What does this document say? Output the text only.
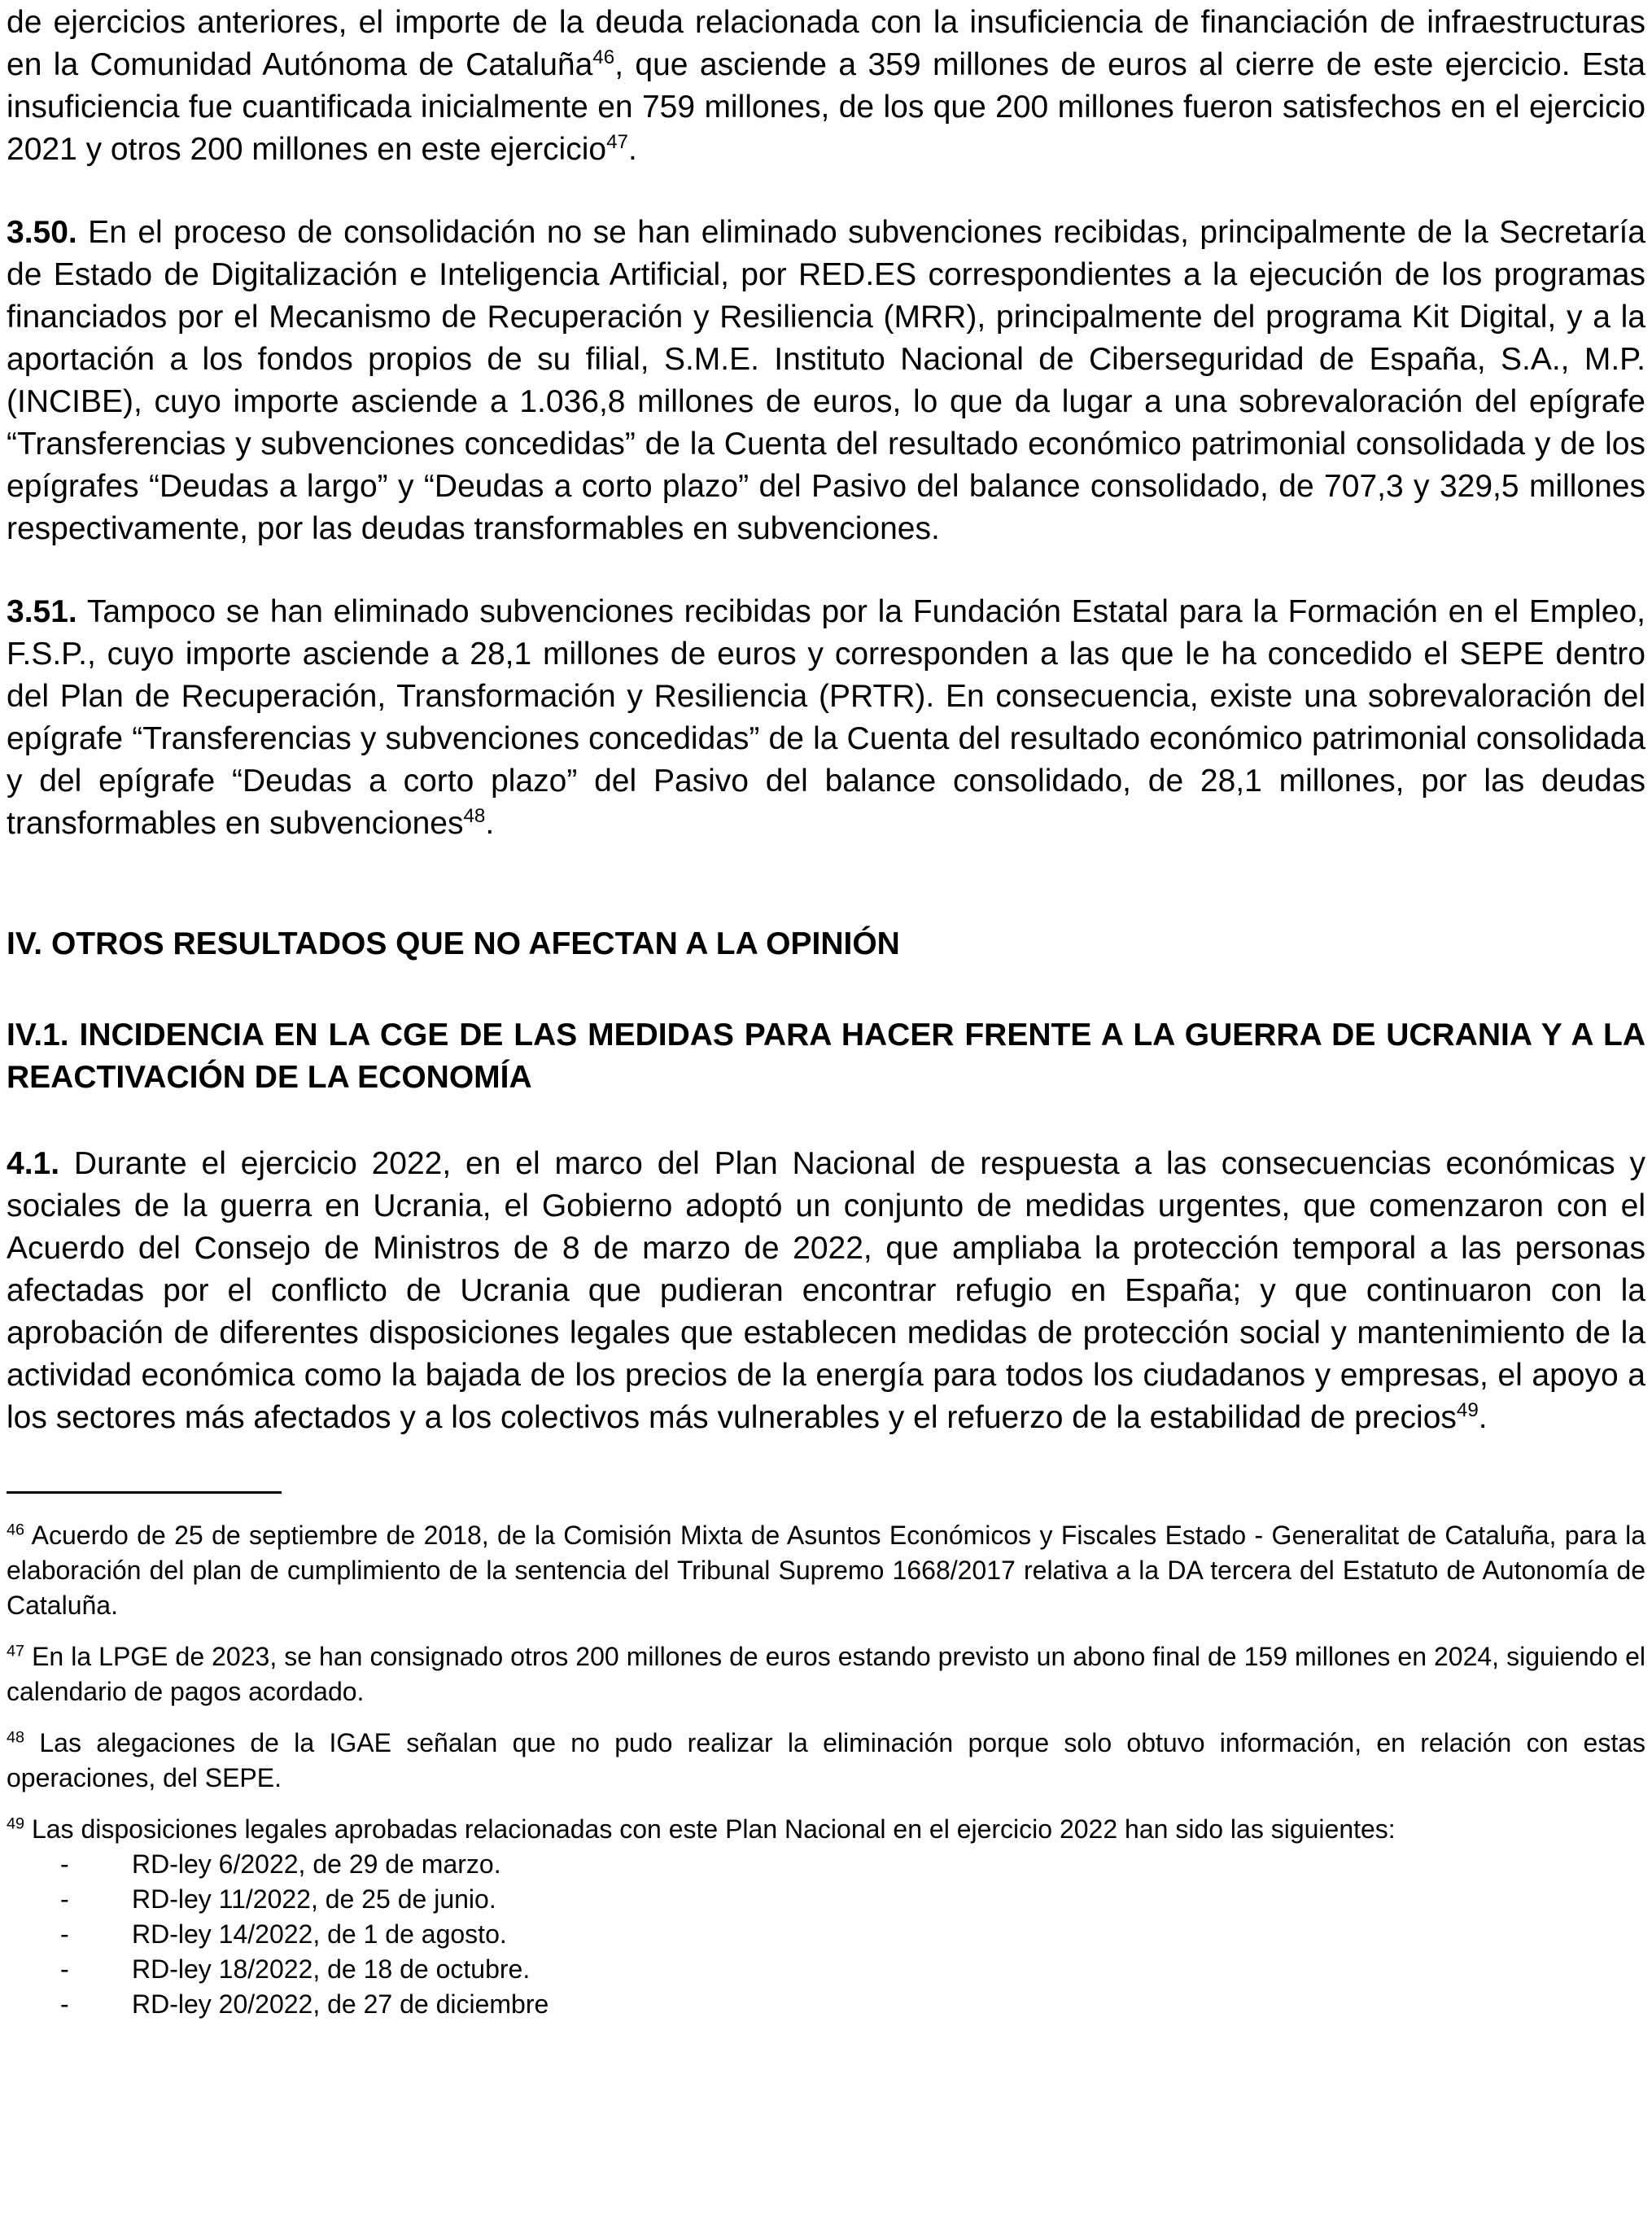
de ejercicios anteriores, el importe de la deuda relacionada con la insuficiencia de financiación de infraestructuras en la Comunidad Autónoma de Cataluña$^{46}$, que asciende a 359 millones de euros al cierre de este ejercicio. Esta insuficiencia fue cuantificada inicialmente en 759 millones, de los que 200 millones fueron satisfechos en el ejercicio 2021 y otros 200 millones en este ejercicio$^{47}$.

3.50. En el proceso de consolidación no se han eliminado subvenciones recibidas, principalmente de la Secretaría de Estado de Digitalización e Inteligencia Artificial, por RED.ES correspondientes a la ejecución de los programas financiados por el Mecanismo de Recuperación y Resiliencia (MRR), principalmente del programa Kit Digital, y a la aportación a los fondos propios de su filial, S.M.E. Instituto Nacional de Ciberseguridad de España, S.A., M.P. (INCIBE), cuyo importe asciende a 1.036,8 millones de euros, lo que da lugar a una sobrevaloración del epígrafe “Transferencias y subvenciones concedidas” de la Cuenta del resultado económico patrimonial consolidada y de los epígrafes “Deudas a largo” y “Deudas a corto plazo” del Pasivo del balance consolidado, de 707,3 y 329,5 millones respectivamente, por las deudas transformables en subvenciones.

3.51. Tampoco se han eliminado subvenciones recibidas por la Fundación Estatal para la Formación en el Empleo, F.S.P., cuyo importe asciende a 28,1 millones de euros y corresponden a las que le ha concedido el SEPE dentro del Plan de Recuperación, Transformación y Resiliencia (PRTR). En consecuencia, existe una sobrevaloración del epígrafe “Transferencias y subvenciones concedidas” de la Cuenta del resultado económico patrimonial consolidada y del epígrafe “Deudas a corto plazo” del Pasivo del balance consolidado, de 28,1 millones, por las deudas transformables en subvenciones$^{48}$.

IV. OTROS RESULTADOS QUE NO AFECTAN A LA OPINIÓN
IV.1. INCIDENCIA EN LA CGE DE LAS MEDIDAS PARA HACER FRENTE A LA GUERRA DE UCRANIA Y A LA REACTIVACIÓN DE LA ECONOMÍA

4.1. Durante el ejercicio 2022, en el marco del Plan Nacional de respuesta a las consecuencias económicas y sociales de la guerra en Ucrania, el Gobierno adoptó un conjunto de medidas urgentes, que comenzaron con el Acuerdo del Consejo de Ministros de 8 de marzo de 2022, que ampliaba la protección temporal a las personas afectadas por el conflicto de Ucrania que pudieran encontrar refugio en España; y que continuaron con la aprobación de diferentes disposiciones legales que establecen medidas de protección social y mantenimiento de la actividad económica como la bajada de los precios de la energía para todos los ciudadanos y empresas, el apoyo a los sectores más afectados y a los colectivos más vulnerables y el refuerzo de la estabilidad de precios$^{49}$.

$^{46}$ Acuerdo de 25 de septiembre de 2018, de la Comisión Mixta de Asuntos Económicos y Fiscales Estado - Generalitat de Cataluña, para la elaboración del plan de cumplimiento de la sentencia del Tribunal Supremo 1668/2017 relativa a la DA tercera del Estatuto de Autonomía de Cataluña.
$^{47}$ En la LPGE de 2023, se han consignado otros 200 millones de euros estando previsto un abono final de 159 millones en 2024, siguiendo el calendario de pagos acordado.
$^{48}$ Las alegaciones de la IGAE señalan que no pudo realizar la eliminación porque solo obtuvo información, en relación con estas operaciones, del SEPE.
$^{49}$ Las disposiciones legales aprobadas relacionadas con este Plan Nacional en el ejercicio 2022 han sido las siguientes:
-	RD-ley 6/2022, de 29 de marzo.
-	RD-ley 11/2022, de 25 de junio.
-	RD-ley 14/2022, de 1 de agosto.
-	RD-ley 18/2022, de 18 de octubre.
-	RD-ley 20/2022, de 27 de diciembre
